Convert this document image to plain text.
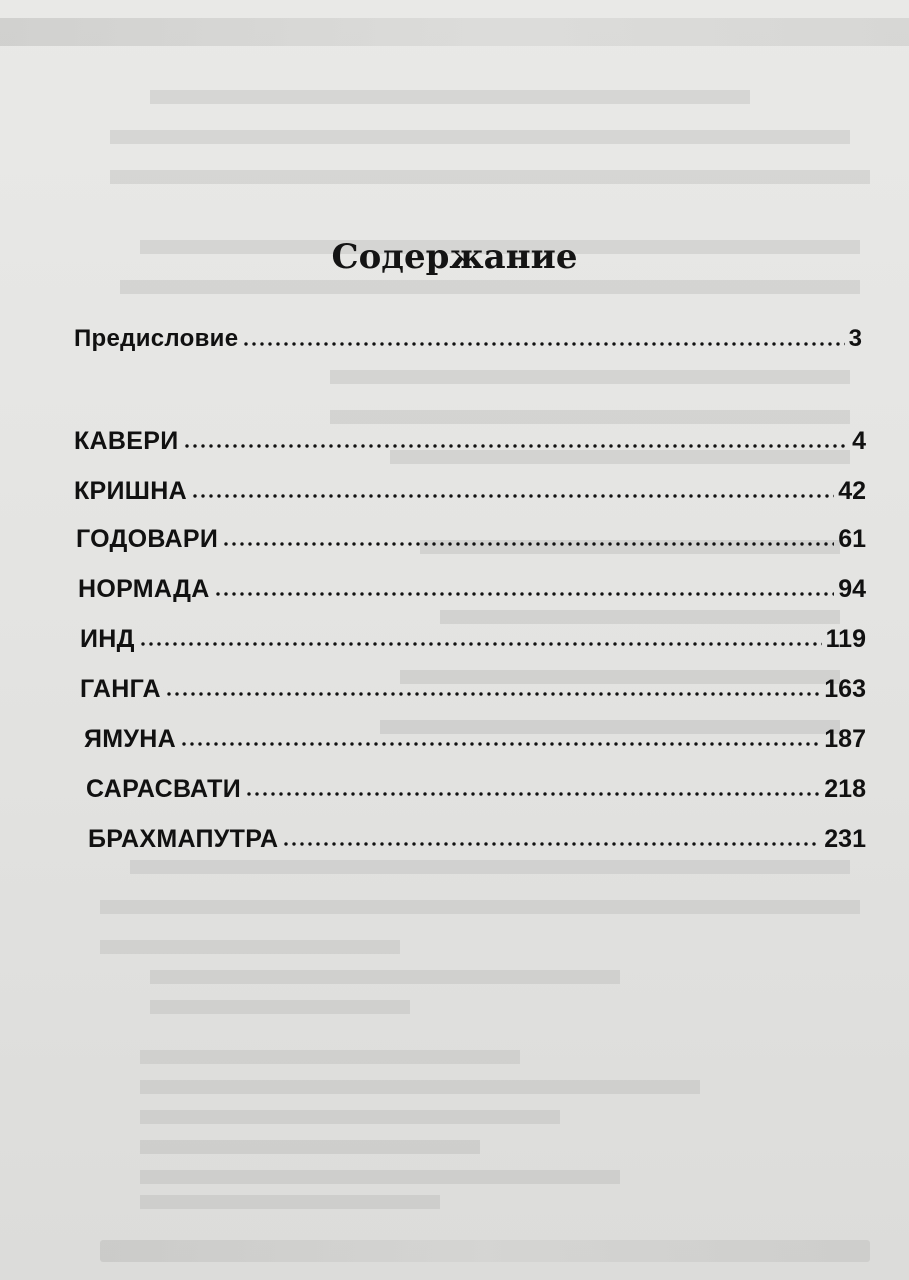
Содержание
Предисловие	3
КАВЕРИ	4
КРИШНА	42
ГОДОВАРИ	61
НОРМАДА	94
ИНД	119
ГАНГА	163
ЯМУНА	187
САРАСВАТИ	218
БРАХМАПУТРА	231
